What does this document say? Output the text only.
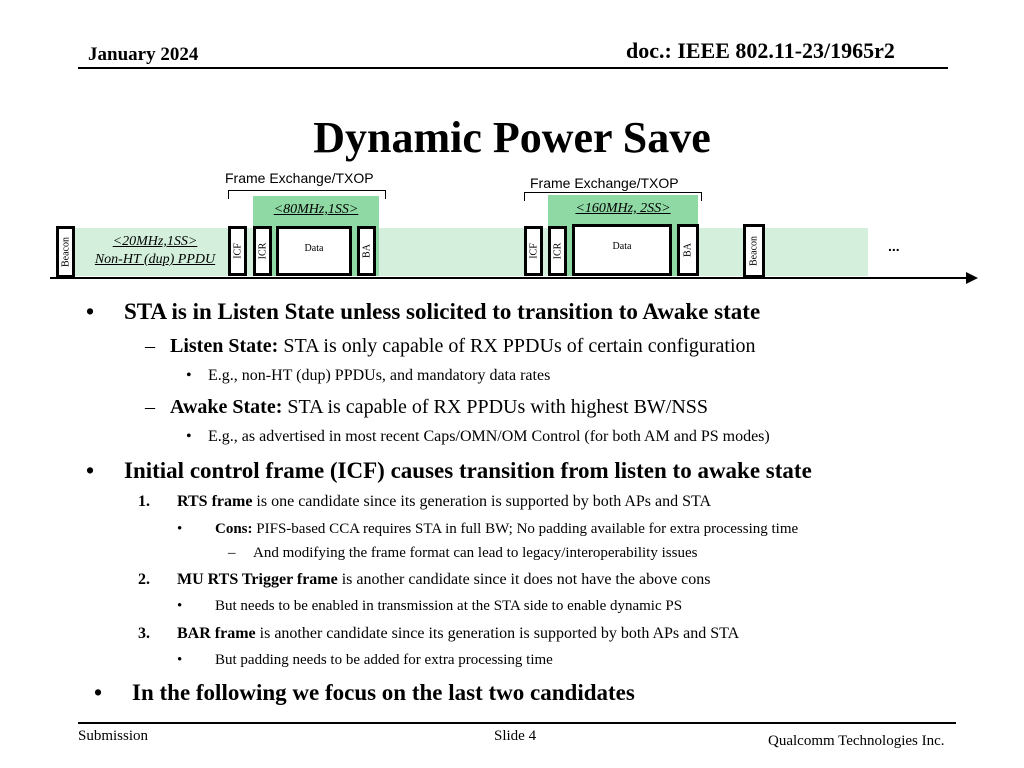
January 2024	doc.: IEEE 802.11-23/1965r2
Dynamic Power Save
Frame Exchange/TXOP	Frame Exchange/TXOP
<80MHz,1SS>	<160MHz, 2SS>
<20MHz,1SS>
Non-HT (dup) PPDU
Beacon	ICF ICR	Data	BA	ICF ICR	Data	BA	Beacon	...
• STA is in Listen State unless solicited to transition to Awake state
– Listen State: STA is only capable of RX PPDUs of certain configuration
• E.g., non-HT (dup) PPDUs, and mandatory data rates
– Awake State: STA is capable of RX PPDUs with highest BW/NSS
• E.g., as advertised in most recent Caps/OMN/OM Control (for both AM and PS modes)
• Initial control frame (ICF) causes transition from listen to awake state
1. RTS frame is one candidate since its generation is supported by both APs and STA
• Cons: PIFS-based CCA requires STA in full BW; No padding available for extra processing time
– And modifying the frame format can lead to legacy/interoperability issues
2. MU RTS Trigger frame is another candidate since it does not have the above cons
• But needs to be enabled in transmission at the STA side to enable dynamic PS
3. BAR frame is another candidate since its generation is supported by both APs and STA
• But padding needs to be added for extra processing time
• In the following we focus on the last two candidates
Submission	Slide 4	Qualcomm Technologies Inc.
